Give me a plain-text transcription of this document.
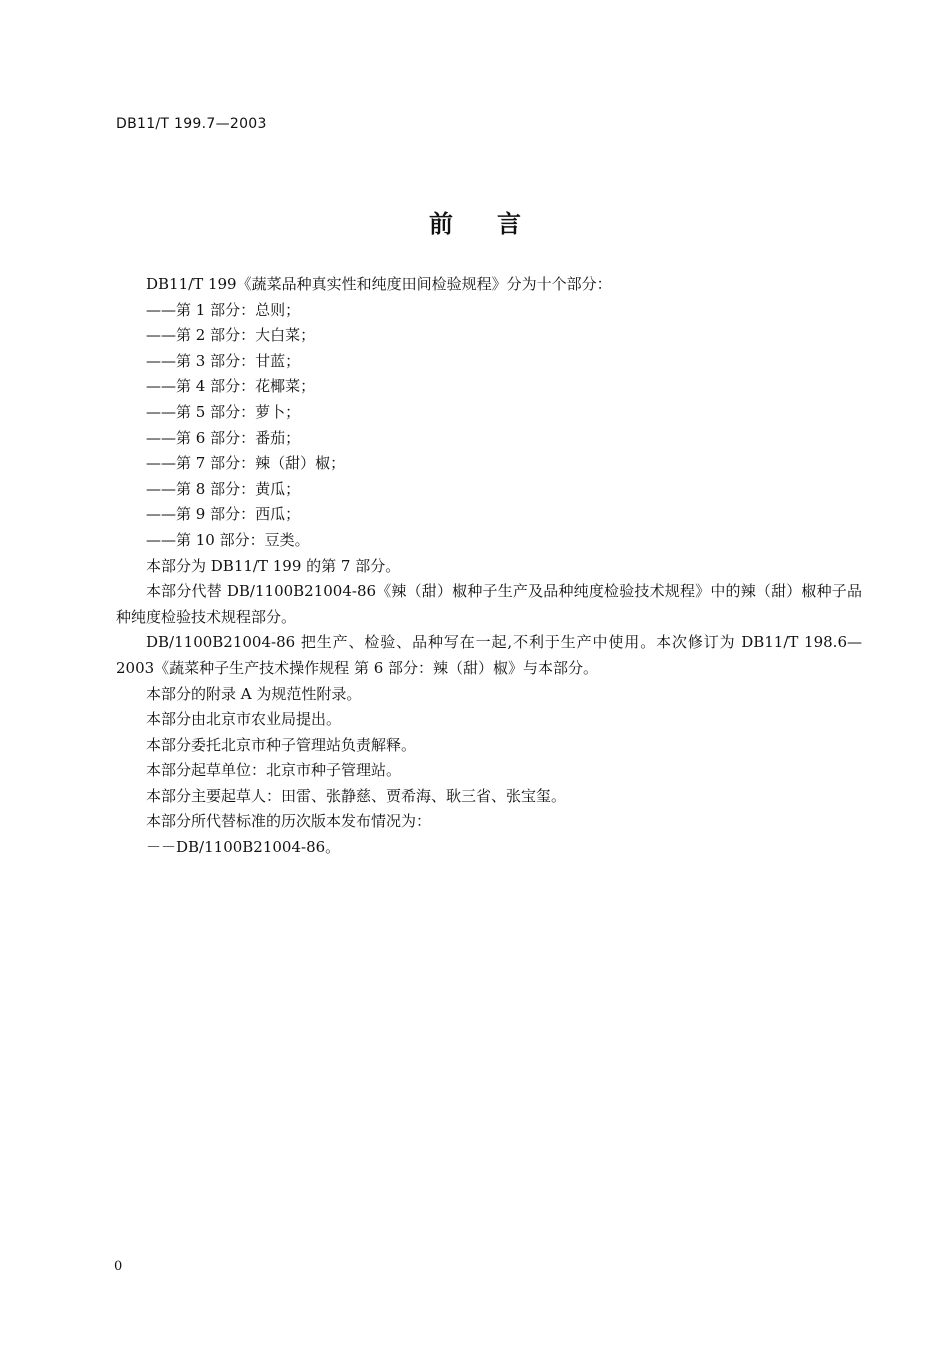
DB11/T 199.7—2003
前 言

DB11/T 199《蔬菜品种真实性和纯度田间检验规程》分为十个部分：

——第 1 部分：总则；

——第 2 部分：大白菜；

——第 3 部分：甘蓝；

——第 4 部分：花椰菜；

——第 5 部分：萝卜；

——第 6 部分：番茄；

——第 7 部分：辣（甜）椒；

——第 8 部分：黄瓜；

——第 9 部分：西瓜；

——第 10 部分：豆类。

本部分为 DB11/T 199 的第 7 部分。

本部分代替 DB/1100B21004-86《辣（甜）椒种子生产及品种纯度检验技术规程》中的辣（甜）椒种子品种纯度检验技术规程部分。

DB/1100B21004-86 把生产、检验、品种写在一起,不利于生产中使用。本次修订为 DB11/T 198.6—2003《蔬菜种子生产技术操作规程 第 6 部分：辣（甜）椒》与本部分。

本部分的附录 A 为规范性附录。

本部分由北京市农业局提出。

本部分委托北京市种子管理站负责解释。

本部分起草单位：北京市种子管理站。

本部分主要起草人：田雷、张静慈、贾希海、耿三省、张宝玺。

本部分所代替标准的历次版本发布情况为：

－－DB/1100B21004-86。

0
